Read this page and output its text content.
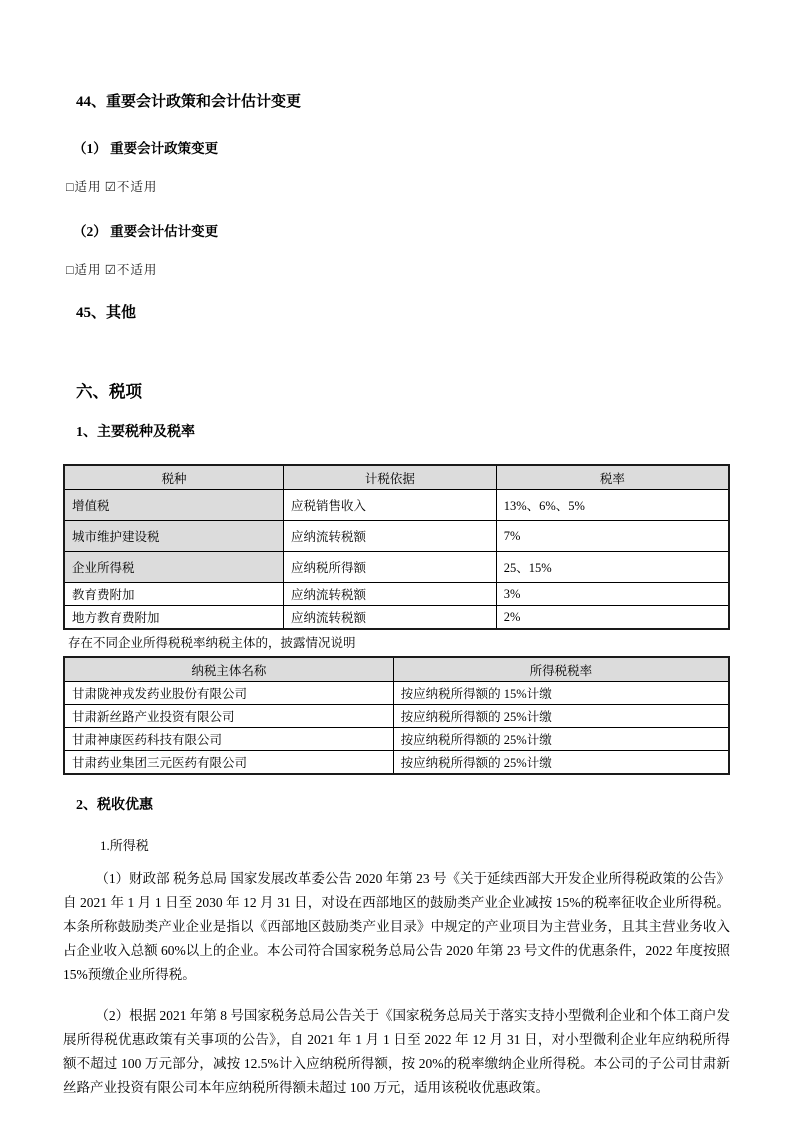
44、重要会计政策和会计估计变更
（1） 重要会计政策变更

□适用 ☑不适用

（2） 重要会计估计变更

□适用 ☑不适用

45、其他
六、税项
1、主要税种及税率
税种	计税依据	税率
增值税	应税销售收入	13%、6%、5%
城市维护建设税	应纳流转税额	7%
企业所得税	应纳税所得额	25、15%
教育费附加	应纳流转税额	3%
地方教育费附加	应纳流转税额	2%

存在不同企业所得税税率纳税主体的，披露情况说明

纳税主体名称	所得税税率
甘肃陇神戎发药业股份有限公司	按应纳税所得额的 15%计缴
甘肃新丝路产业投资有限公司	按应纳税所得额的 25%计缴
甘肃神康医药科技有限公司	按应纳税所得额的 25%计缴
甘肃药业集团三元医药有限公司	按应纳税所得额的 25%计缴
2、税收优惠

1.所得税

（1）财政部 税务总局 国家发展改革委公告 2020 年第 23 号《关于延续西部大开发企业所得税政策的公告》自 2021 年 1 月 1 日至 2030 年 12 月 31 日，对设在西部地区的鼓励类产业企业减按 15%的税率征收企业所得税。本条所称鼓励类产业企业是指以《西部地区鼓励类产业目录》中规定的产业项目为主营业务，且其主营业务收入占企业收入总额 60%以上的企业。本公司符合国家税务总局公告 2020 年第 23 号文件的优惠条件，2022 年度按照 15%预缴企业所得税。

（2）根据 2021 年第 8 号国家税务总局公告关于《国家税务总局关于落实支持小型微利企业和个体工商户发展所得税优惠政策有关事项的公告》，自 2021 年 1 月 1 日至 2022 年 12 月 31 日，对小型微利企业年应纳税所得额不超过 100 万元部分，减按 12.5%计入应纳税所得额，按 20%的税率缴纳企业所得税。本公司的子公司甘肃新丝路产业投资有限公司本年应纳税所得额未超过 100 万元，适用该税收优惠政策。
